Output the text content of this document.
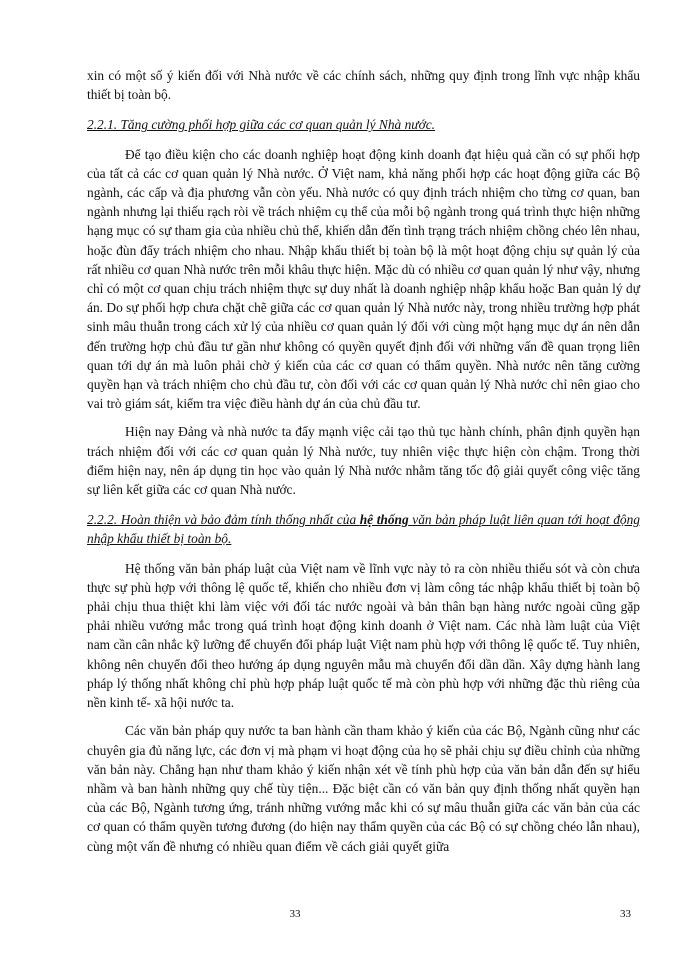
xin có một số ý kiến đối với Nhà nước về các chính sách, những quy định trong lĩnh vực nhập khẩu thiết bị toàn bộ.

2.2.1. Tăng cường phối hợp giữa các cơ quan quản lý Nhà nước.

Để tạo điều kiện cho các doanh nghiệp hoạt động kinh doanh đạt hiệu quả cần có sự phối hợp của tất cả các cơ quan quản lý Nhà nước. Ở Việt nam, khả năng phối hợp các hoạt động giữa các Bộ ngành, các cấp và địa phương vẫn còn yếu. Nhà nước có quy định trách nhiệm cho từng cơ quan, ban ngành nhưng lại thiếu rạch ròi về trách nhiệm cụ thể của mỗi bộ ngành trong quá trình thực hiện những hạng mục có sự tham gia của nhiều chủ thể, khiến dẫn đến tình trạng trách nhiệm chồng chéo lên nhau, hoặc đùn đẩy trách nhiệm cho nhau. Nhập khẩu thiết bị toàn bộ là một hoạt động chịu sự quản lý của rất nhiều cơ quan Nhà nước trên mỗi khâu thực hiện. Mặc dù có nhiều cơ quan quản lý như vậy, nhưng chỉ có một cơ quan chịu trách nhiệm thực sự duy nhất là doanh nghiệp nhập khẩu hoặc Ban quản lý dự án. Do sự phối hợp chưa chặt chẽ giữa các cơ quan quản lý Nhà nước này, trong nhiều trường hợp phát sinh mâu thuẫn trong cách xử lý của nhiều cơ quan quản lý đối với cùng một hạng mục dự án nên dẫn đến trường hợp chủ đầu tư gần như không có quyền quyết định đối với những vấn đề quan trọng liên quan tới dự án mà luôn phải chờ ý kiến của các cơ quan có thẩm quyền. Nhà nước nên tăng cường quyền hạn và trách nhiệm cho chủ đầu tư, còn đối với các cơ quan quản lý Nhà nước chỉ nên giao cho vai trò giám sát, kiểm tra việc điều hành dự án của chủ đầu tư.

Hiện nay Đảng và nhà nước ta đẩy mạnh việc cải tạo thủ tục hành chính, phân định quyền hạn trách nhiệm đối với các cơ quan quản lý Nhà nước, tuy nhiên việc thực hiện còn chậm. Trong thời điểm hiện nay, nên áp dụng tin học vào quản lý Nhà nước nhằm tăng tốc độ giải quyết công việc tăng sự liên kết giữa các cơ quan Nhà nước.

2.2.2. Hoàn thiện và bảo đảm tính thống nhất của hệ thống văn bản pháp luật liên quan tới hoạt động nhập khẩu thiết bị toàn bộ.

Hệ thống văn bản pháp luật của Việt nam về lĩnh vực này tỏ ra còn nhiều thiếu sót và còn chưa thực sự phù hợp với thông lệ quốc tế, khiến cho nhiều đơn vị làm công tác nhập khẩu thiết bị toàn bộ phải chịu thua thiệt khi làm việc với đối tác nước ngoài và bản thân bạn hàng nước ngoài cũng gặp phải nhiều vướng mắc trong quá trình hoạt động kinh doanh ở Việt nam. Các nhà làm luật của Việt nam cần cân nhắc kỹ lưỡng để chuyển đổi pháp luật Việt nam phù hợp với thông lệ quốc tế. Tuy nhiên, không nên chuyển đổi theo hướng áp dụng nguyên mẫu mà chuyển đổi dần dần. Xây dựng hành lang pháp lý thống nhất không chỉ phù hợp pháp luật quốc tế mà còn phù hợp với những đặc thù riêng của nền kinh tế- xã hội nước ta.

Các văn bản pháp quy nước ta ban hành cần tham khảo ý kiến của các Bộ, Ngành cũng như các chuyên gia đủ năng lực, các đơn vị mà phạm vi hoạt động của họ sẽ phải chịu sự điều chỉnh của những văn bản này. Chẳng hạn như tham khảo ý kiến nhận xét về tính phù hợp của văn bản dẫn đến sự hiểu nhầm và ban hành những quy chế tùy tiện... Đặc biệt cần có văn bản quy định thống nhất quyền hạn của các Bộ, Ngành tương ứng, tránh những vướng mắc khi có sự mâu thuẫn giữa các văn bản của các cơ quan có thẩm quyền tương đương (do hiện nay thẩm quyền của các Bộ có sự chồng chéo lẫn nhau), cùng một vấn đề nhưng có nhiều quan điểm về cách giải quyết giữa

33	33
